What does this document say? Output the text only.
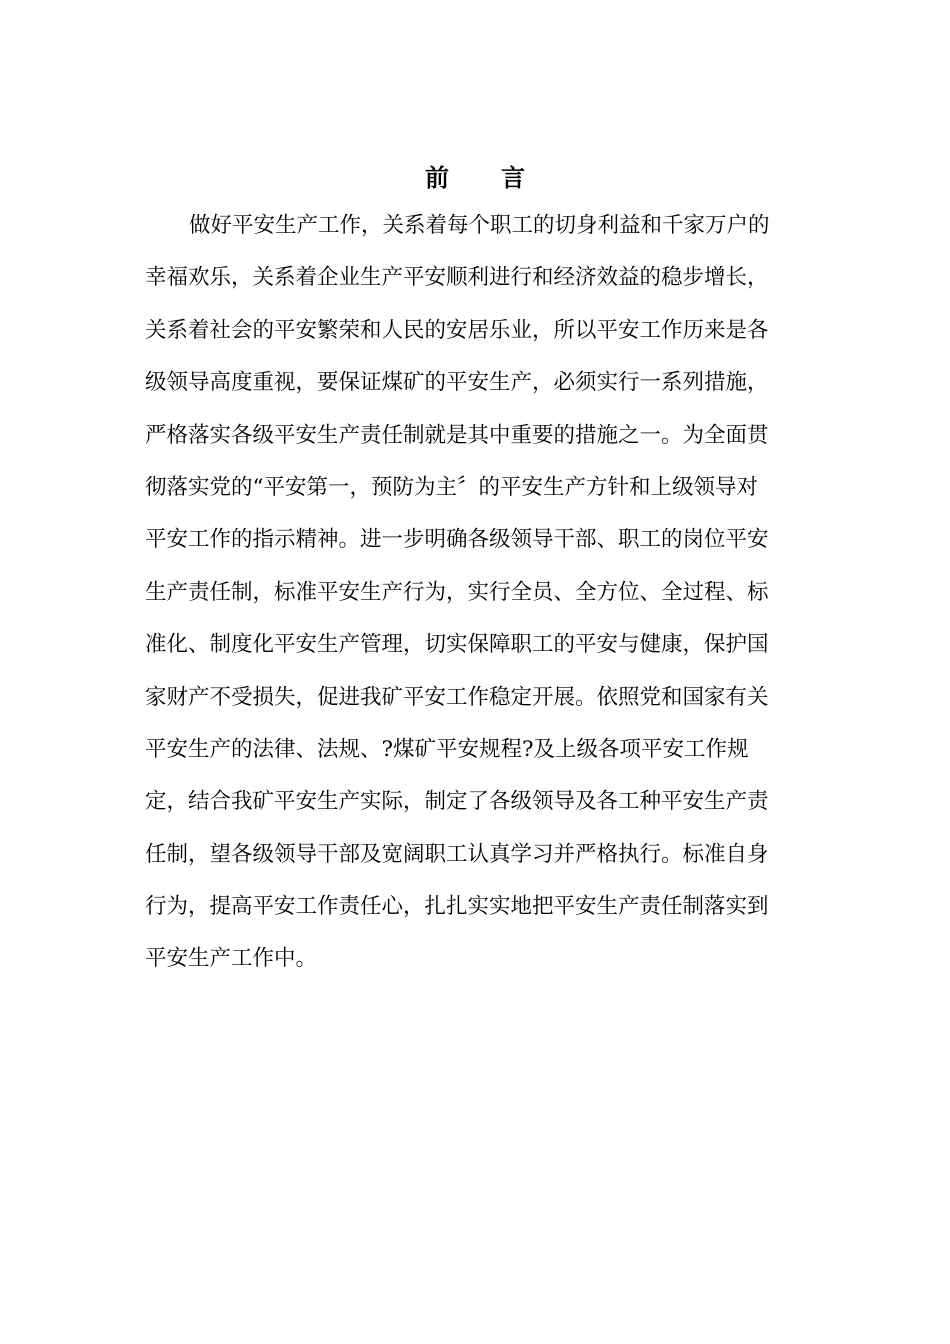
前 言
做好平安生产工作，关系着每个职工的切身利益和千家万户的
幸福欢乐，关系着企业生产平安顺利进行和经济效益的稳步增长，
关系着社会的平安繁荣和人民的安居乐业，所以平安工作历来是各
级领导高度重视，要保证煤矿的平安生产，必须实行一系列措施，
严格落实各级平安生产责任制就是其中重要的措施之一。为全面贯
彻落实党的“平安第一，预防为主〞的平安生产方针和上级领导对
平安工作的指示精神。进一步明确各级领导干部、职工的岗位平安
生产责任制，标准平安生产行为，实行全员、全方位、全过程、标
准化、制度化平安生产管理，切实保障职工的平安与健康，保护国
家财产不受损失，促进我矿平安工作稳定开展。依照党和国家有关
平安生产的法律、法规、?煤矿平安规程?及上级各项平安工作规
定，结合我矿平安生产实际，制定了各级领导及各工种平安生产责
任制，望各级领导干部及宽阔职工认真学习并严格执行。标准自身
行为，提高平安工作责任心，扎扎实实地把平安生产责任制落实到
平安生产工作中。
